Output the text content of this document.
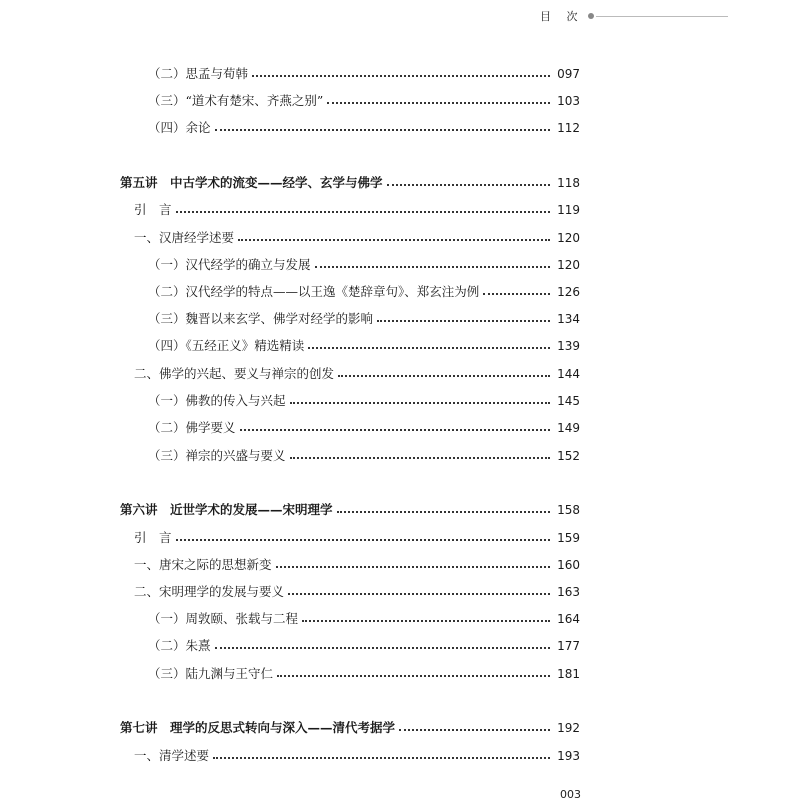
目 次
（二）思孟与荀韩	097
（三）“道术有楚宋、齐燕之别”	103
（四）余论	112
第五讲　中古学术的流变——经学、玄学与佛学	118
引　言	119
一、汉唐经学述要	120
（一）汉代经学的确立与发展	120
（二）汉代经学的特点——以王逸《楚辞章句》、郑玄注为例	126
（三）魏晋以来玄学、佛学对经学的影响	134
（四）《五经正义》精选精读	139
二、佛学的兴起、要义与禅宗的创发	144
（一）佛教的传入与兴起	145
（二）佛学要义	149
（三）禅宗的兴盛与要义	152
第六讲　近世学术的发展——宋明理学	158
引　言	159
一、唐宋之际的思想新变	160
二、宋明理学的发展与要义	163
（一）周敦颐、张载与二程	164
（二）朱熹	177
（三）陆九渊与王守仁	181
第七讲　理学的反思式转向与深入——清代考据学	192
一、清学述要	193
003
